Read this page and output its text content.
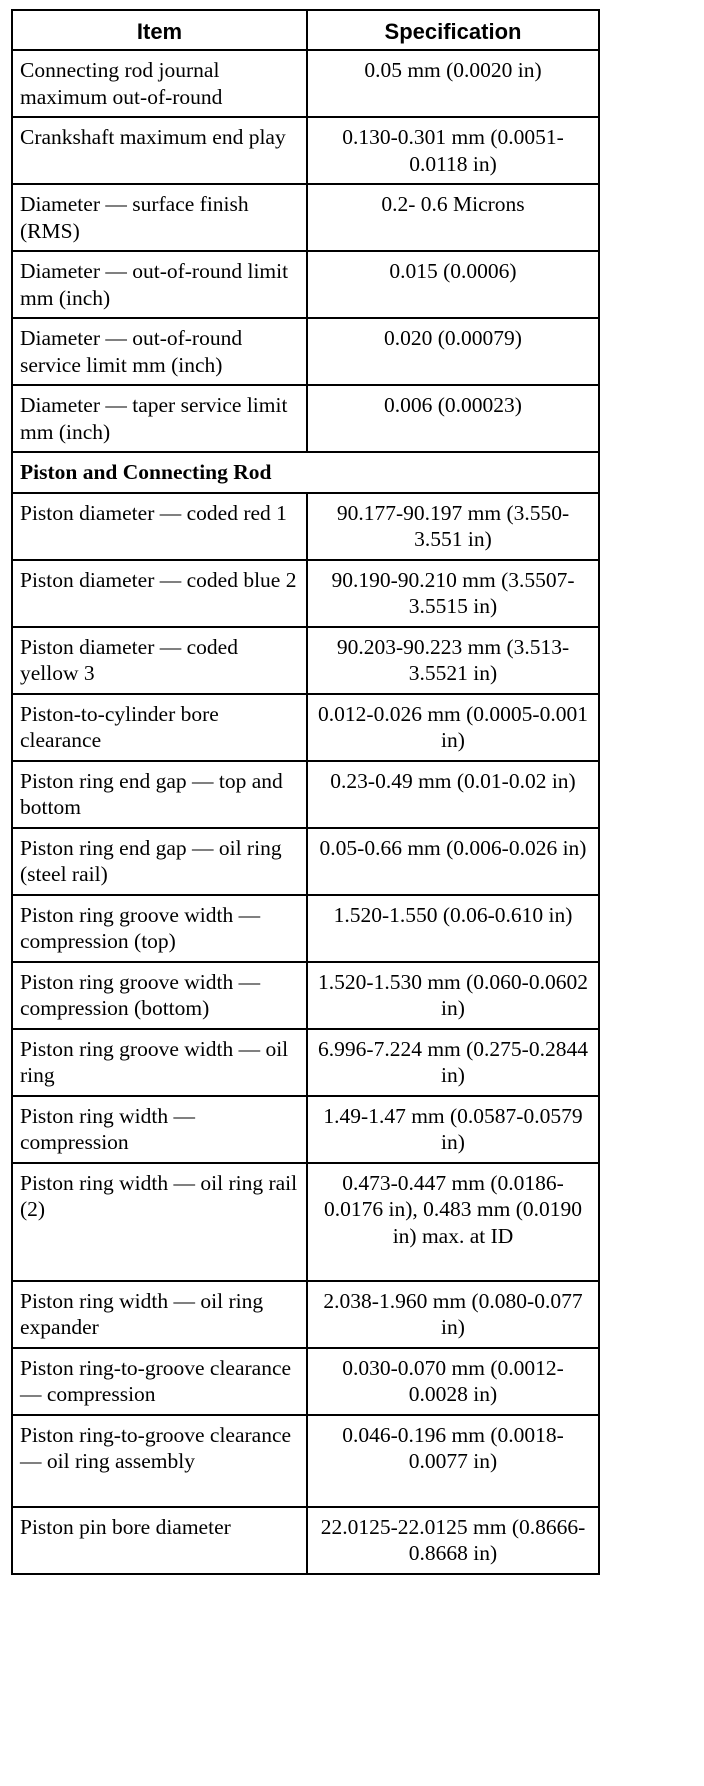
Item	Specification
Connecting rod journal maximum out-of-round	0.05 mm (0.0020 in)
Crankshaft maximum end play	0.130-0.301 mm (0.0051-0.0118 in)
Diameter — surface finish (RMS)	0.2- 0.6 Microns
Diameter — out-of-round limit mm (inch)	0.015 (0.0006)
Diameter — out-of-round service limit mm (inch)	0.020 (0.00079)
Diameter — taper service limit mm (inch)	0.006 (0.00023)
Piston and Connecting Rod	
Piston diameter — coded red 1	90.177-90.197 mm (3.550-3.551 in)
Piston diameter — coded blue 2	90.190-90.210 mm (3.5507-3.5515 in)
Piston diameter — coded yellow 3	90.203-90.223 mm (3.513-3.5521 in)
Piston-to-cylinder bore clearance	0.012-0.026 mm (0.0005-0.001 in)
Piston ring end gap — top and bottom	0.23-0.49 mm (0.01-0.02 in)
Piston ring end gap — oil ring (steel rail)	0.05-0.66 mm (0.006-0.026 in)
Piston ring groove width — compression (top)	1.520-1.550 (0.06-0.610 in)
Piston ring groove width — compression (bottom)	1.520-1.530 mm (0.060-0.0602 in)
Piston ring groove width — oil ring	6.996-7.224 mm (0.275-0.2844 in)
Piston ring width — compression	1.49-1.47 mm (0.0587-0.0579 in)
Piston ring width — oil ring rail (2)	0.473-0.447 mm (0.0186-0.0176 in), 0.483 mm (0.0190 in) max. at ID
Piston ring width — oil ring expander	2.038-1.960 mm (0.080-0.077 in)
Piston ring-to-groove clearance — compression	0.030-0.070 mm (0.0012-0.0028 in)
Piston ring-to-groove clearance — oil ring assembly	0.046-0.196 mm (0.0018-0.0077 in)
Piston pin bore diameter	22.0125-22.0125 mm (0.8666-0.8668 in)
